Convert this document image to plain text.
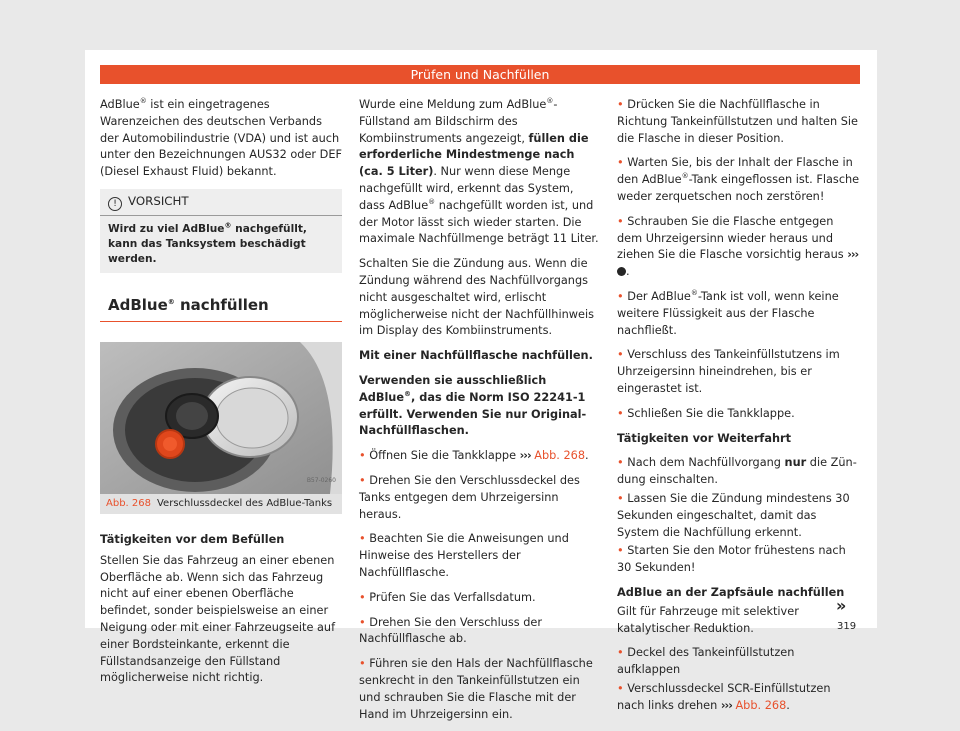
Prüfen und Nachfüllen

AdBlue® ist ein eingetragenes Warenzeichen des deutschen Verbands der Automobilindustrie (VDA) und ist auch unter den Bezeichnungen AUS32 oder DEF (Diesel Exhaust Fluid) bekannt.

! VORSICHT
Wird zu viel AdBlue® nachgefüllt, kann das Tanksystem beschädigt werden.
AdBlue® nachfüllen
B57-0260
Abb. 268 Verschlussdeckel des AdBlue-Tanks

Tätigkeiten vor dem Befüllen

Stellen Sie das Fahrzeug an einer ebenen Oberfläche ab. Wenn sich das Fahrzeug nicht auf einer ebenen Oberfläche befindet, sonder beispielsweise an einer Neigung oder mit einer Fahrzeugseite auf einer Bordsteinkante, erkennt die Füllstandsanzeige den Füllstand möglicherweise nicht richtig.

Wurde eine Meldung zum AdBlue®-Füllstand am Bildschirm des Kombiinstruments angezeigt, füllen die erforderliche Mindestmenge nach (ca. 5 Liter). Nur wenn diese Menge nachgefüllt wird, erkennt das System, dass AdBlue® nachgefüllt worden ist, und der Motor lässt sich wieder starten. Die maximale Nachfüllmenge beträgt 11 Liter.

Schalten Sie die Zündung aus. Wenn die Zündung während des Nachfüllvorgangs nicht ausgeschaltet wird, erlischt möglicherweise nicht der Nachfüllhinweis im Display des Kombiinstruments.

Mit einer Nachfüllflasche nachfüllen.

Verwenden sie ausschließlich AdBlue®, das die Norm ISO 22241-1 erfüllt. Verwenden Sie nur Original-Nachfüllflaschen.

• Öffnen Sie die Tankklappe ››› Abb. 268.

• Drehen Sie den Verschlussdeckel des Tanks entgegen dem Uhrzeigersinn heraus.

• Beachten Sie die Anweisungen und Hinweise des Herstellers der Nachfüllflasche.

• Prüfen Sie das Verfallsdatum.

• Drehen Sie den Verschluss der Nachfüllflasche ab.

• Führen sie den Hals der Nachfüllflasche senkrecht in den Tankeinfüllstutzen ein und schrauben Sie die Flasche mit der Hand im Uhrzeigersinn ein.

• Drücken Sie die Nachfüllflasche in Richtung Tankeinfüllstutzen und halten Sie die Flasche in dieser Position.

• Warten Sie, bis der Inhalt der Flasche in den AdBlue®-Tank eingeflossen ist. Flasche weder zerquetschen noch zerstören!

• Schrauben Sie die Flasche entgegen dem Uhrzeigersinn wieder heraus und ziehen Sie die Flasche vorsichtig heraus ››› .

• Der AdBlue®-Tank ist voll, wenn keine weitere Flüssigkeit aus der Flasche nachfließt.

• Verschluss des Tankeinfüllstutzens im Uhrzeigersinn hineindrehen, bis er eingerastet ist.

• Schließen Sie die Tankklappe.

Tätigkeiten vor Weiterfahrt

• Nach dem Nachfüllvorgang nur die Zündung einschalten.

• Lassen Sie die Zündung mindestens 30 Sekunden eingeschaltet, damit das System die Nachfüllung erkennt.

• Starten Sie den Motor frühestens nach 30 Sekunden!

AdBlue an der Zapfsäule nachfüllen

Gilt für Fahrzeuge mit selektiver katalytischer Reduktion.

• Deckel des Tankeinfüllstutzen aufklappen

• Verschlussdeckel SCR-Einfüllstutzen nach links drehen ››› Abb. 268.

»
319
